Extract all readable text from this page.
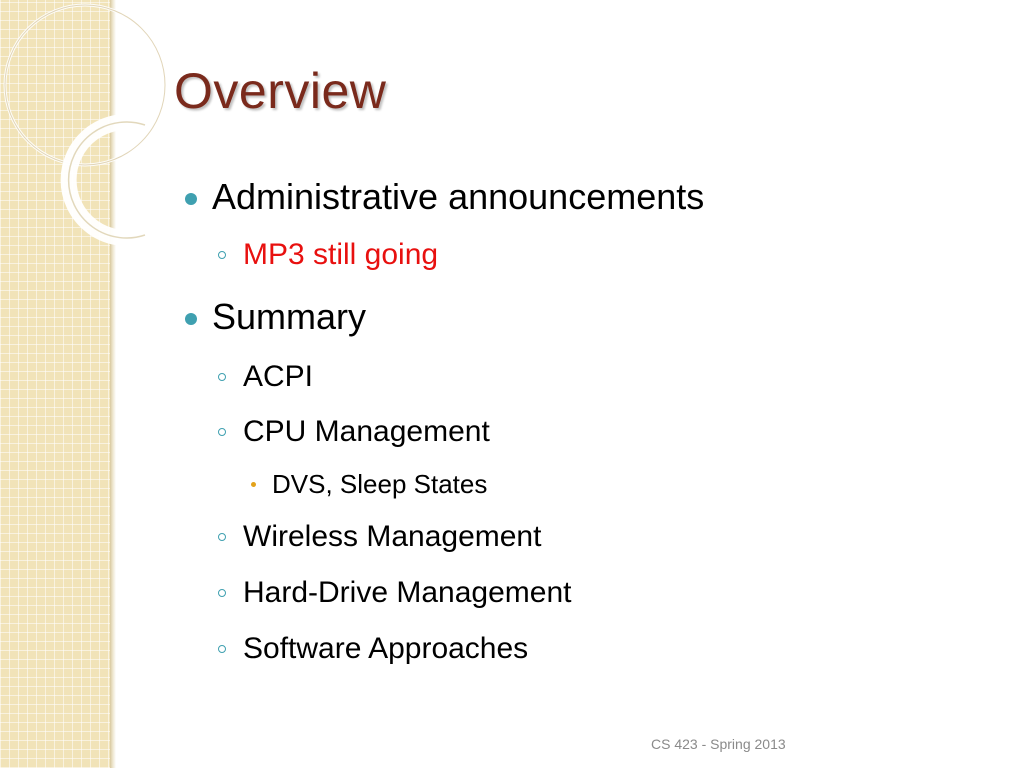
Overview
Administrative announcements
MP3 still going
Summary
ACPI
CPU Management
DVS, Sleep States
Wireless Management
Hard-Drive Management
Software Approaches
CS 423 - Spring 2013
